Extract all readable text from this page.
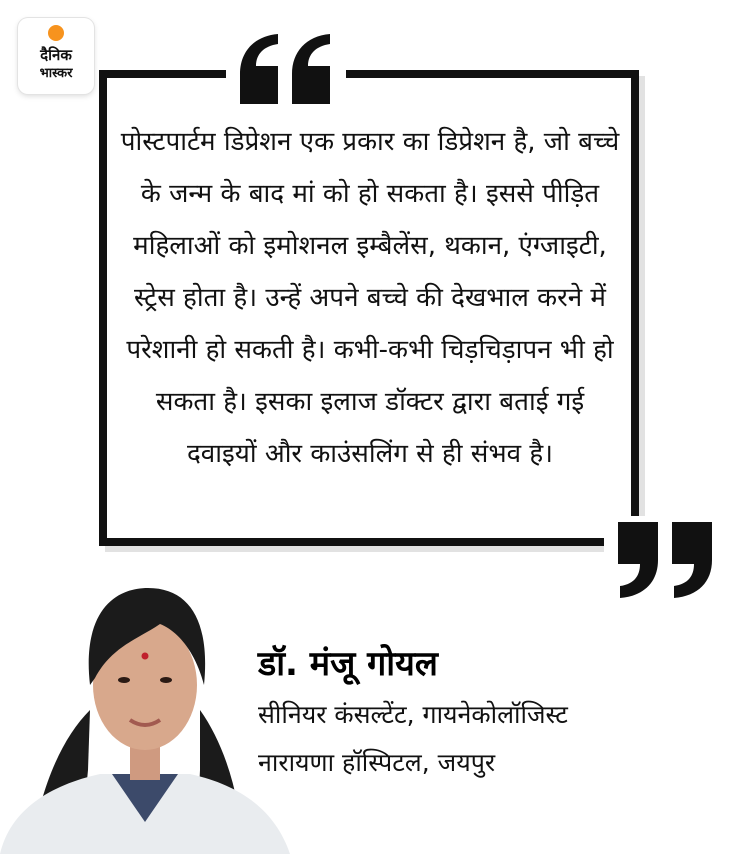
दैनिक
भास्कर

पोस्टपार्टम डिप्रेशन एक प्रकार का डिप्रेशन है, जो बच्चे के जन्म के बाद मां को हो सकता है। इससे पीड़ित महिलाओं को इमोशनल इम्बैलेंस, थकान, एंग्जाइटी, स्ट्रेस होता है। उन्हें अपने बच्चे की देखभाल करने में परेशानी हो सकती है। कभी-कभी चिड़चिड़ापन भी हो सकता है। इसका इलाज डॉक्टर द्वारा बताई गई दवाइयों और काउंसलिंग से ही संभव है।

डॉ. मंजू गोयल

सीनियर कंसल्टेंट, गायनेकोलॉजिस्ट

नारायणा हॉस्पिटल, जयपुर
